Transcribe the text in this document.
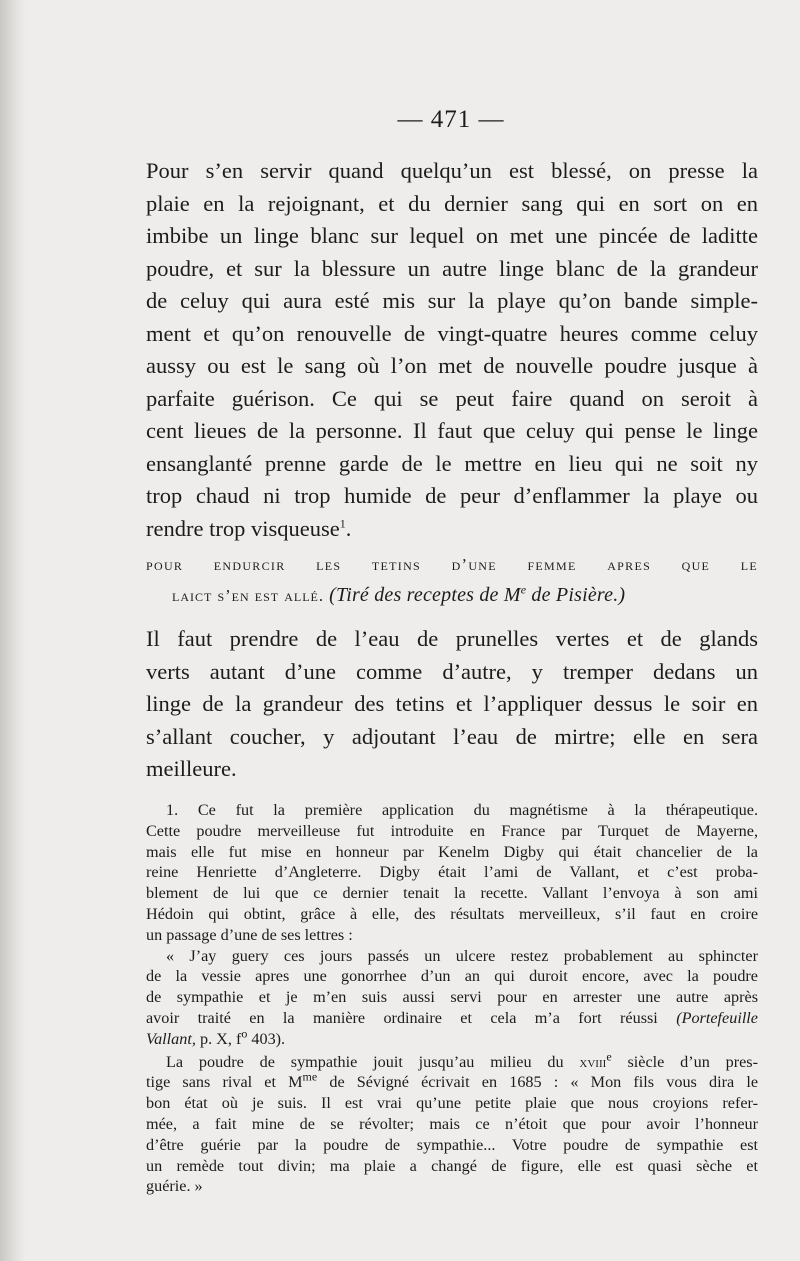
— 471 —
Pour s’en servir quand quelqu’un est blessé, on presse la
plaie en la rejoignant, et du dernier sang qui en sort on en
imbibe un linge blanc sur lequel on met une pincée de laditte
poudre, et sur la blessure un autre linge blanc de la grandeur
de celuy qui aura esté mis sur la playe qu’on bande simple-
ment et qu’on renouvelle de vingt-quatre heures comme celuy
aussy ou est le sang où l’on met de nouvelle poudre jusque à
parfaite guérison. Ce qui se peut faire quand on seroit à
cent lieues de la personne. Il faut que celuy qui pense le linge
ensanglanté prenne garde de le mettre en lieu qui ne soit ny
trop chaud ni trop humide de peur d’enflammer la playe ou
rendre trop visqueuse$^1$.
pour endurcir les tetins d’une femme apres que le
laict s’en est allé. (Tiré des receptes de Me de Pisière.)
Il faut prendre de l’eau de prunelles vertes et de glands
verts autant d’une comme d’autre, y tremper dedans un
linge de la grandeur des tetins et l’appliquer dessus le soir en
s’allant coucher, y adjoutant l’eau de mirtre; elle en sera
meilleure.
1. Ce fut la première application du magnétisme à la thérapeutique.
Cette poudre merveilleuse fut introduite en France par Turquet de Mayerne,
mais elle fut mise en honneur par Kenelm Digby qui était chancelier de la
reine Henriette d’Angleterre. Digby était l’ami de Vallant, et c’est proba-
blement de lui que ce dernier tenait la recette. Vallant l’envoya à son ami
Hédoin qui obtint, grâce à elle, des résultats merveilleux, s’il faut en croire
un passage d’une de ses lettres :
« J’ay guery ces jours passés un ulcere restez probablement au sphincter
de la vessie apres une gonorrhee d’un an qui duroit encore, avec la poudre
de sympathie et je m’en suis aussi servi pour en arrester une autre après
avoir traité en la manière ordinaire et cela m’a fort réussi (Portefeuille
Vallant, p. X, $f^o$ 403).
La poudre de sympathie jouit jusqu’au milieu du xviii$^e$ siècle d’un pres-
tige sans rival et $M^{me}$ de Sévigné écrivait en 1685 : « Mon fils vous dira le
bon état où je suis. Il est vrai qu’une petite plaie que nous croyions refer-
mée, a fait mine de se révolter; mais ce n’étoit que pour avoir l’honneur
d’être guérie par la poudre de sympathie... Votre poudre de sympathie est
un remède tout divin; ma plaie a changé de figure, elle est quasi sèche et
guérie. »
